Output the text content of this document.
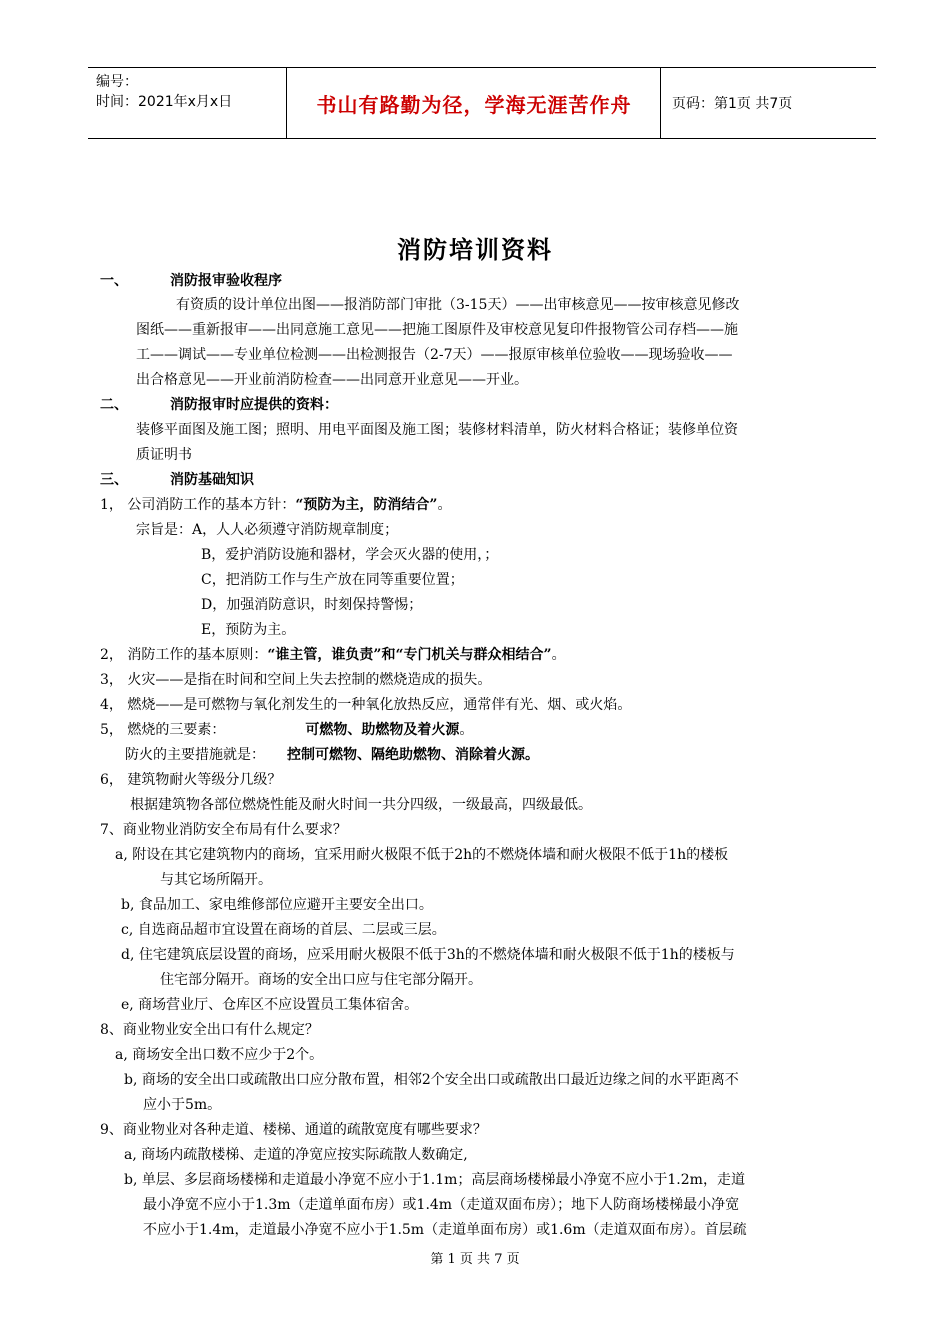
编号：
时间：2021年x月x日	书山有路勤为径，学海无涯苦作舟	页码：第1页 共7页
消防培训资料
一、	消防报审验收程序
有资质的设计单位出图——报消防部门审批（3-15天）——出审核意见——按审核意见修改
图纸——重新报审——出同意施工意见——把施工图原件及审校意见复印件报物管公司存档——施
工——调试——专业单位检测——出检测报告（2-7天）——报原审核单位验收——现场验收——
出合格意见——开业前消防检查——出同意开业意见——开业。
二、	消防报审时应提供的资料：
装修平面图及施工图；照明、用电平面图及施工图；装修材料清单，防火材料合格证；装修单位资
质证明书
三、	消防基础知识
1， 公司消防工作的基本方针：“预防为主，防消结合”。
宗旨是：A，人人必须遵守消防规章制度；
B，爱护消防设施和器材，学会灭火器的使用，；
C，把消防工作与生产放在同等重要位置；
D，加强消防意识，时刻保持警惕；
E，预防为主。
2， 消防工作的基本原则：“谁主管，谁负责”和“专门机关与群众相结合”。
3， 火灾——是指在时间和空间上失去控制的燃烧造成的损失。
4， 燃烧——是可燃物与氧化剂发生的一种氧化放热反应，通常伴有光、烟、或火焰。
5， 燃烧的三要素：	可燃物、助燃物及着火源。
防火的主要措施就是： 控制可燃物、隔绝助燃物、消除着火源。
6， 建筑物耐火等级分几级？
根据建筑物各部位燃烧性能及耐火时间一共分四级，一级最高，四级最低。
7、商业物业消防安全布局有什么要求？
a, 附设在其它建筑物内的商场，宜采用耐火极限不低于2h的不燃烧体墙和耐火极限不低于1h的楼板
与其它场所隔开。
b, 食品加工、家电维修部位应避开主要安全出口。
c, 自选商品超市宜设置在商场的首层、二层或三层。
d, 住宅建筑底层设置的商场，应采用耐火极限不低于3h的不燃烧体墙和耐火极限不低于1h的楼板与
住宅部分隔开。商场的安全出口应与住宅部分隔开。
e, 商场营业厅、仓库区不应设置员工集体宿舍。
8、商业物业安全出口有什么规定？
a, 商场安全出口数不应少于2个。
b, 商场的安全出口或疏散出口应分散布置，相邻2个安全出口或疏散出口最近边缘之间的水平距离不
应小于5m。
9、商业物业对各种走道、楼梯、通道的疏散宽度有哪些要求？
a, 商场内疏散楼梯、走道的净宽应按实际疏散人数确定,
b, 单层、多层商场楼梯和走道最小净宽不应小于1.1m；高层商场楼梯最小净宽不应小于1.2m，走道
最小净宽不应小于1.3m（走道单面布房）或1.4m（走道双面布房）；地下人防商场楼梯最小净宽
不应小于1.4m，走道最小净宽不应小于1.5m（走道单面布房）或1.6m（走道双面布房）。首层疏
第 1 页 共 7 页
